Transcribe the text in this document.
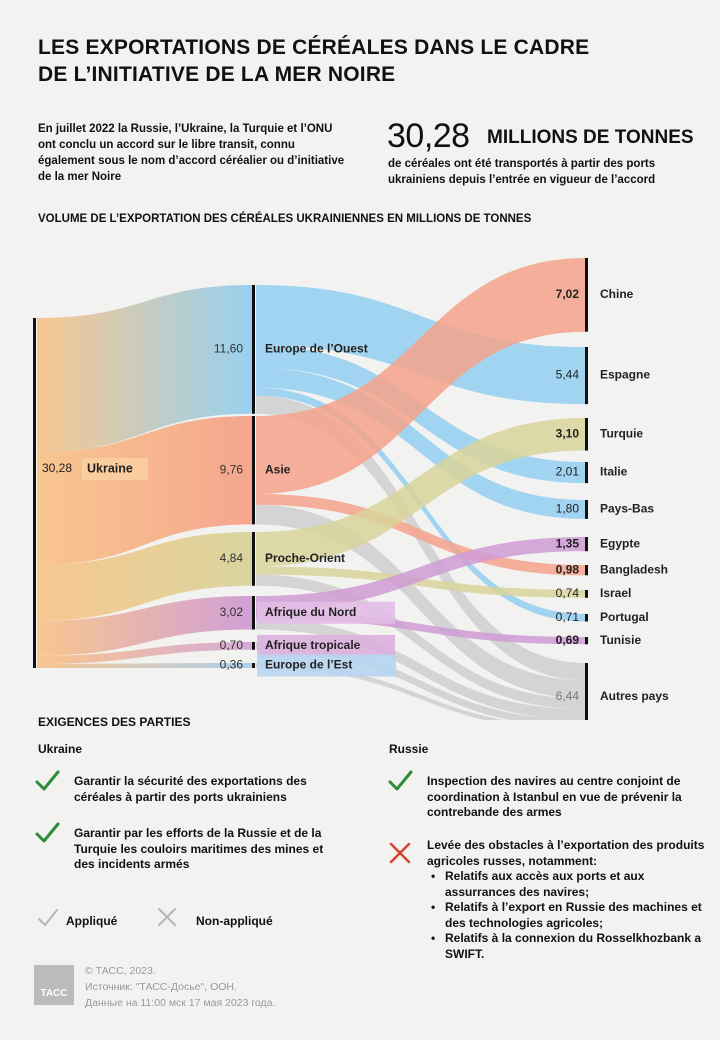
LES EXPORTATIONS DE CÉRÉALES DANS LE CADRE DE L’INITIATIVE DE LA MER NOIRE
En juillet 2022 la Russie, l’Ukraine, la Turquie et l’ONU ont conclu un accord sur le libre transit, connu également sous le nom d’accord céréalier ou d’initiative de la mer Noire
30,28 MILLIONS DE TONNES
de céréales ont été transportés à partir des ports ukrainiens depuis l’entrée en vigueur de l’accord
VOLUME DE L’EXPORTATION DES CÉRÉALES UKRAINIENNES EN MILLIONS DE TONNES
30,28 Ukraine
11,60 Europe de l’Ouest
9,76 Asie
4,84 Proche-Orient
3,02 Afrique du Nord
0,70 Afrique tropicale
0,36 Europe de l’Est
7,02 Chine
5,44 Espagne
3,10 Turquie
2,01 Italie
1,80 Pays-Bas
1,35 Egypte
0,98 Bangladesh
0,74 Israel
0,71 Portugal
0,69 Tunisie
6,44 Autres pays
EXIGENCES DES PARTIES
Ukraine	Russie
Garantir la sécurité des exportations des céréales à partir des ports ukrainiens
Garantir par les efforts de la Russie et de la Turquie les couloirs maritimes des mines et des incidents armés
Inspection des navires au centre conjoint de coordination à Istanbul en vue de prévenir la contrebande des armes
Levée des obstacles à l’exportation des produits agricoles russes, notamment:
• Relatifs aux accès aux ports et aux assurrances des navires;
• Relatifs à l’export en Russie des machines et des technologies agricoles;
• Relatifs à la connexion du Rosselkhozbank a SWIFT.
Appliqué	Non-appliqué
ТАСС
© ТАСС, 2023.
Источник: "ТАСС-Досье", ООН.
Данные на 11:00 мск 17 мая 2023 года.
